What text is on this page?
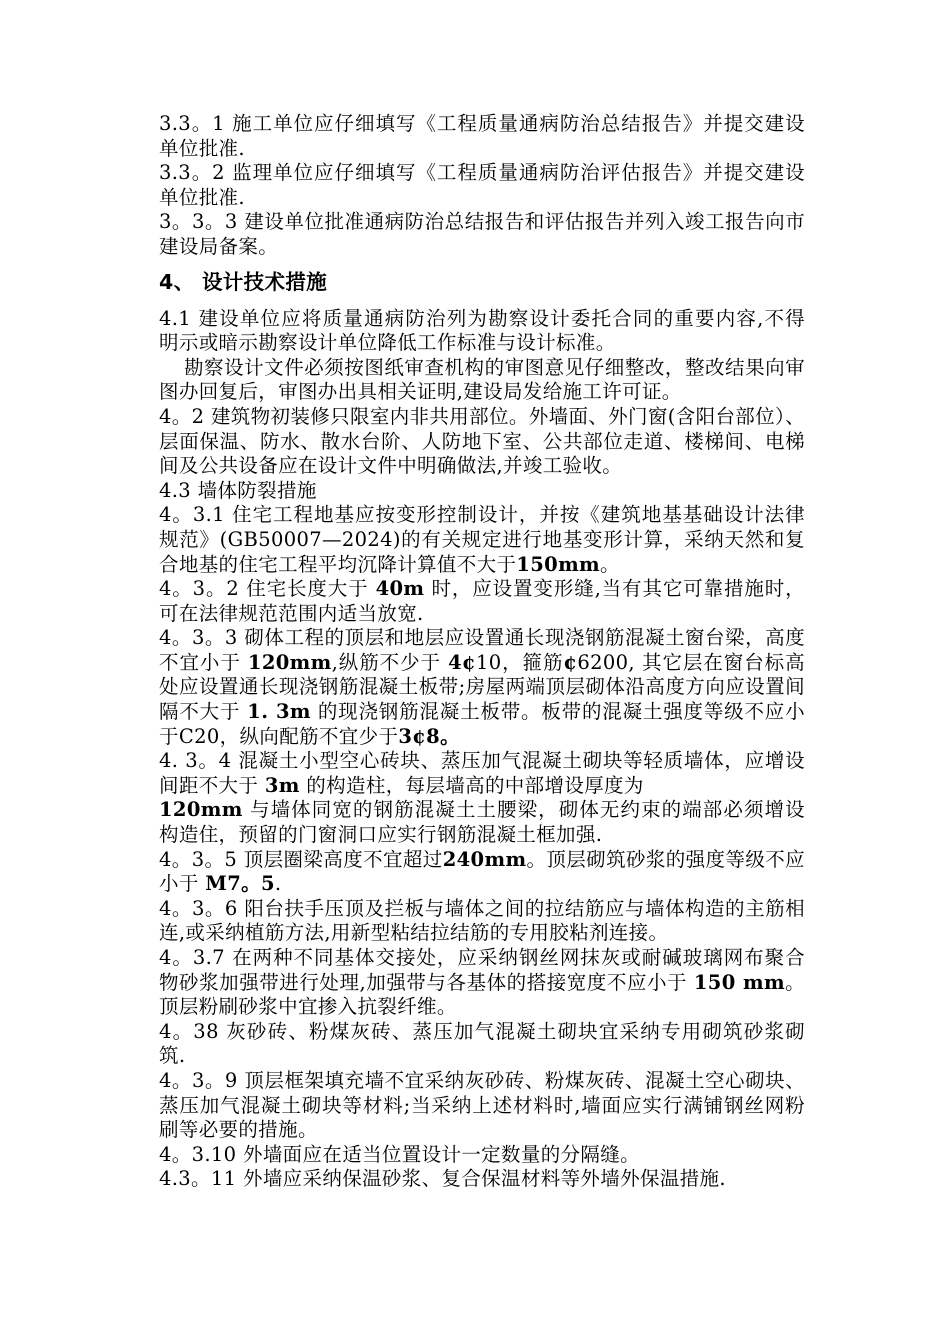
3.3。1 施工单位应仔细填写《工程质量通病防治总结报告》并提交建设单位批准.

3.3。2 监理单位应仔细填写《工程质量通病防治评估报告》并提交建设单位批准.

3。3。3 建设单位批准通病防治总结报告和评估报告并列入竣工报告向市建设局备案。

4、 设计技术措施

4.1 建设单位应将质量通病防治列为勘察设计委托合同的重要内容,不得 明示或暗示勘察设计单位降低工作标准与设计标准。

勘察设计文件必须按图纸审查机构的审图意见仔细整改，整改结果向审图办回复后，审图办出具相关证明,建设局发给施工许可证。

4。2 建筑物初装修只限室内非共用部位。外墙面、外门窗(含阳台部位）、层面保温、防水、散水台阶、人防地下室、公共部位走道、楼梯间、电梯间及公共设备应在设计文件中明确做法,并竣工验收。

4.3 墙体防裂措施

4。3.1 住宅工程地基应按变形控制设计，并按《建筑地基基础设计法律规范》(GB50007—2024)的有关规定进行地基变形计算，采纳天然和复合地基的住宅工程平均沉降计算值不大于150mm。

4。3。2 住宅长度大于 40m 时，应设置变形缝,当有其它可靠措施时，可在法律规范范围内适当放宽.

4。3。3 砌体工程的顶层和地层应设置通长现浇钢筋混凝土窗台梁，高度不宜小于 120mm,纵筋不少于 4¢10，箍筋¢6200, 其它层在窗台标高处应设置通长现浇钢筋混凝土板带;房屋两端顶层砌体沿高度方向应设置间隔不大于 1. 3m 的现浇钢筋混凝土板带。板带的混凝土强度等级不应小于C20，纵向配筋不宜少于3¢8。

4. 3。4 混凝土小型空心砖块、蒸压加气混凝土砌块等轻质墙体，应增设间距不大于 3m 的构造柱，每层墙高的中部增设厚度为
120mm 与墙体同宽的钢筋混凝土土腰梁，砌体无约束的端部必须增设构造住，预留的门窗洞口应实行钢筋混凝土框加强.

4。3。5 顶层圈梁高度不宜超过240mm。顶层砌筑砂浆的强度等级不应小于 M7。5.

4。3。6 阳台扶手压顶及拦板与墙体之间的拉结筋应与墙体构造的主筋相连,或采纳植筋方法,用新型粘结拉结筋的专用胶粘剂连接。

4。3.7 在两种不同基体交接处，应采纳钢丝网抹灰或耐碱玻璃网布聚合物砂浆加强带进行处理,加强带与各基体的搭接宽度不应小于 150 mm。顶层粉刷砂浆中宜掺入抗裂纤维。

4。38 灰砂砖、粉煤灰砖、蒸压加气混凝土砌块宜采纳专用砌筑砂浆砌筑.

4。3。9 顶层框架填充墙不宜采纳灰砂砖、粉煤灰砖、混凝土空心砌块、蒸压加气混凝土砌块等材料;当采纳上述材料时,墙面应实行满铺钢丝网粉刷等必要的措施。

4。3.10 外墙面应在适当位置设计一定数量的分隔缝。

4.3。11 外墙应采纳保温砂浆、复合保温材料等外墙外保温措施.
